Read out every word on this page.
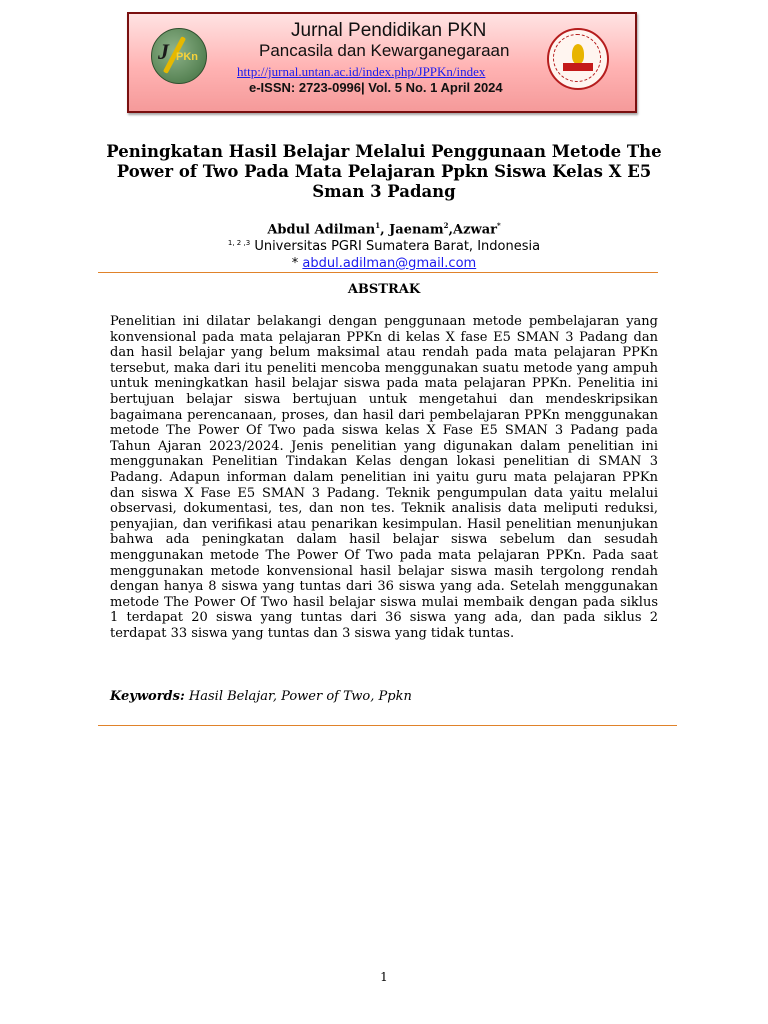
J PKn
Jurnal Pendidikan PKN
Pancasila dan Kewarganegaraan
http://jurnal.untan.ac.id/index.php/JPPKn/index
e-ISSN: 2723-0996| Vol. 5 No. 1 April 2024
Peningkatan Hasil Belajar Melalui Penggunaan Metode The Power of Two Pada Mata Pelajaran Ppkn Siswa Kelas X E5 Sman 3 Padang
Abdul Adilman$^1$, Jaenam$^2$,Azwar*
$^{1, 2 ,3}$ Universitas PGRI Sumatera Barat, Indonesia
* abdul.adilman@gmail.com
ABSTRAK
Penelitian ini dilatar belakangi dengan penggunaan metode pembelajaran yang konvensional pada mata pelajaran PPKn di kelas X fase E5 SMAN 3 Padang dan dan hasil belajar yang belum maksimal atau rendah pada mata pelajaran PPKn tersebut, maka dari itu peneliti mencoba menggunakan suatu metode yang ampuh untuk meningkatkan hasil belajar siswa pada mata pelajaran PPKn. Penelitia ini bertujuan belajar siswa bertujuan untuk mengetahui dan mendeskripsikan bagaimana perencanaan, proses, dan hasil dari pembelajaran PPKn menggunakan metode The Power Of Two pada siswa kelas X Fase E5 SMAN 3 Padang pada Tahun Ajaran 2023/2024. Jenis penelitian yang digunakan dalam penelitian ini menggunakan Penelitian Tindakan Kelas dengan lokasi penelitian di SMAN 3 Padang. Adapun informan dalam penelitian ini yaitu guru mata pelajaran PPKn dan siswa X Fase E5 SMAN 3 Padang. Teknik pengumpulan data yaitu melalui observasi, dokumentasi, tes, dan non tes. Teknik analisis data meliputi reduksi, penyajian, dan verifikasi atau penarikan kesimpulan. Hasil penelitian menunjukan bahwa ada peningkatan dalam hasil belajar siswa sebelum dan sesudah menggunakan metode The Power Of Two pada mata pelajaran PPKn. Pada saat menggunakan metode konvensional hasil belajar siswa masih tergolong rendah dengan hanya 8 siswa yang tuntas dari 36 siswa yang ada. Setelah menggunakan metode The Power Of Two hasil belajar siswa mulai membaik dengan pada siklus 1 terdapat 20 siswa yang tuntas dari 36 siswa yang ada, dan pada siklus 2 terdapat 33 siswa yang tuntas dan 3 siswa yang tidak tuntas.
Keywords: Hasil Belajar, Power of Two, Ppkn
1
